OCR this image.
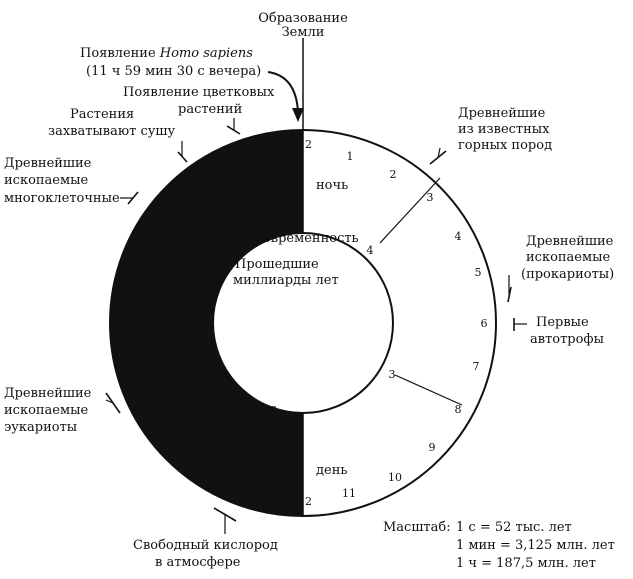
1
2
3
4
5
6
7
8
9
10
11
1
2
3
4
Образование
Земли
Появление Homo sapiens
(11 ч 59 мин 30 с вечера)
Появление цветковых
растений
Растения
захватывают сушу
Древнейшие
ископаемые
многоклеточные
Древнейшие
из известных
горных пород
Древнейшие
ископаемые
(прокариоты)
Первые
автотрофы
Древнейшие
ископаемые
эукариоты
Свободный кислород
в атмосфере
ночь
день
Современность
Прошедшие
миллиарды лет
2
2
Масштаб: 1 с = 52 тыс. лет
1 мин = 3,125 млн. лет
1 ч = 187,5 млн. лет
